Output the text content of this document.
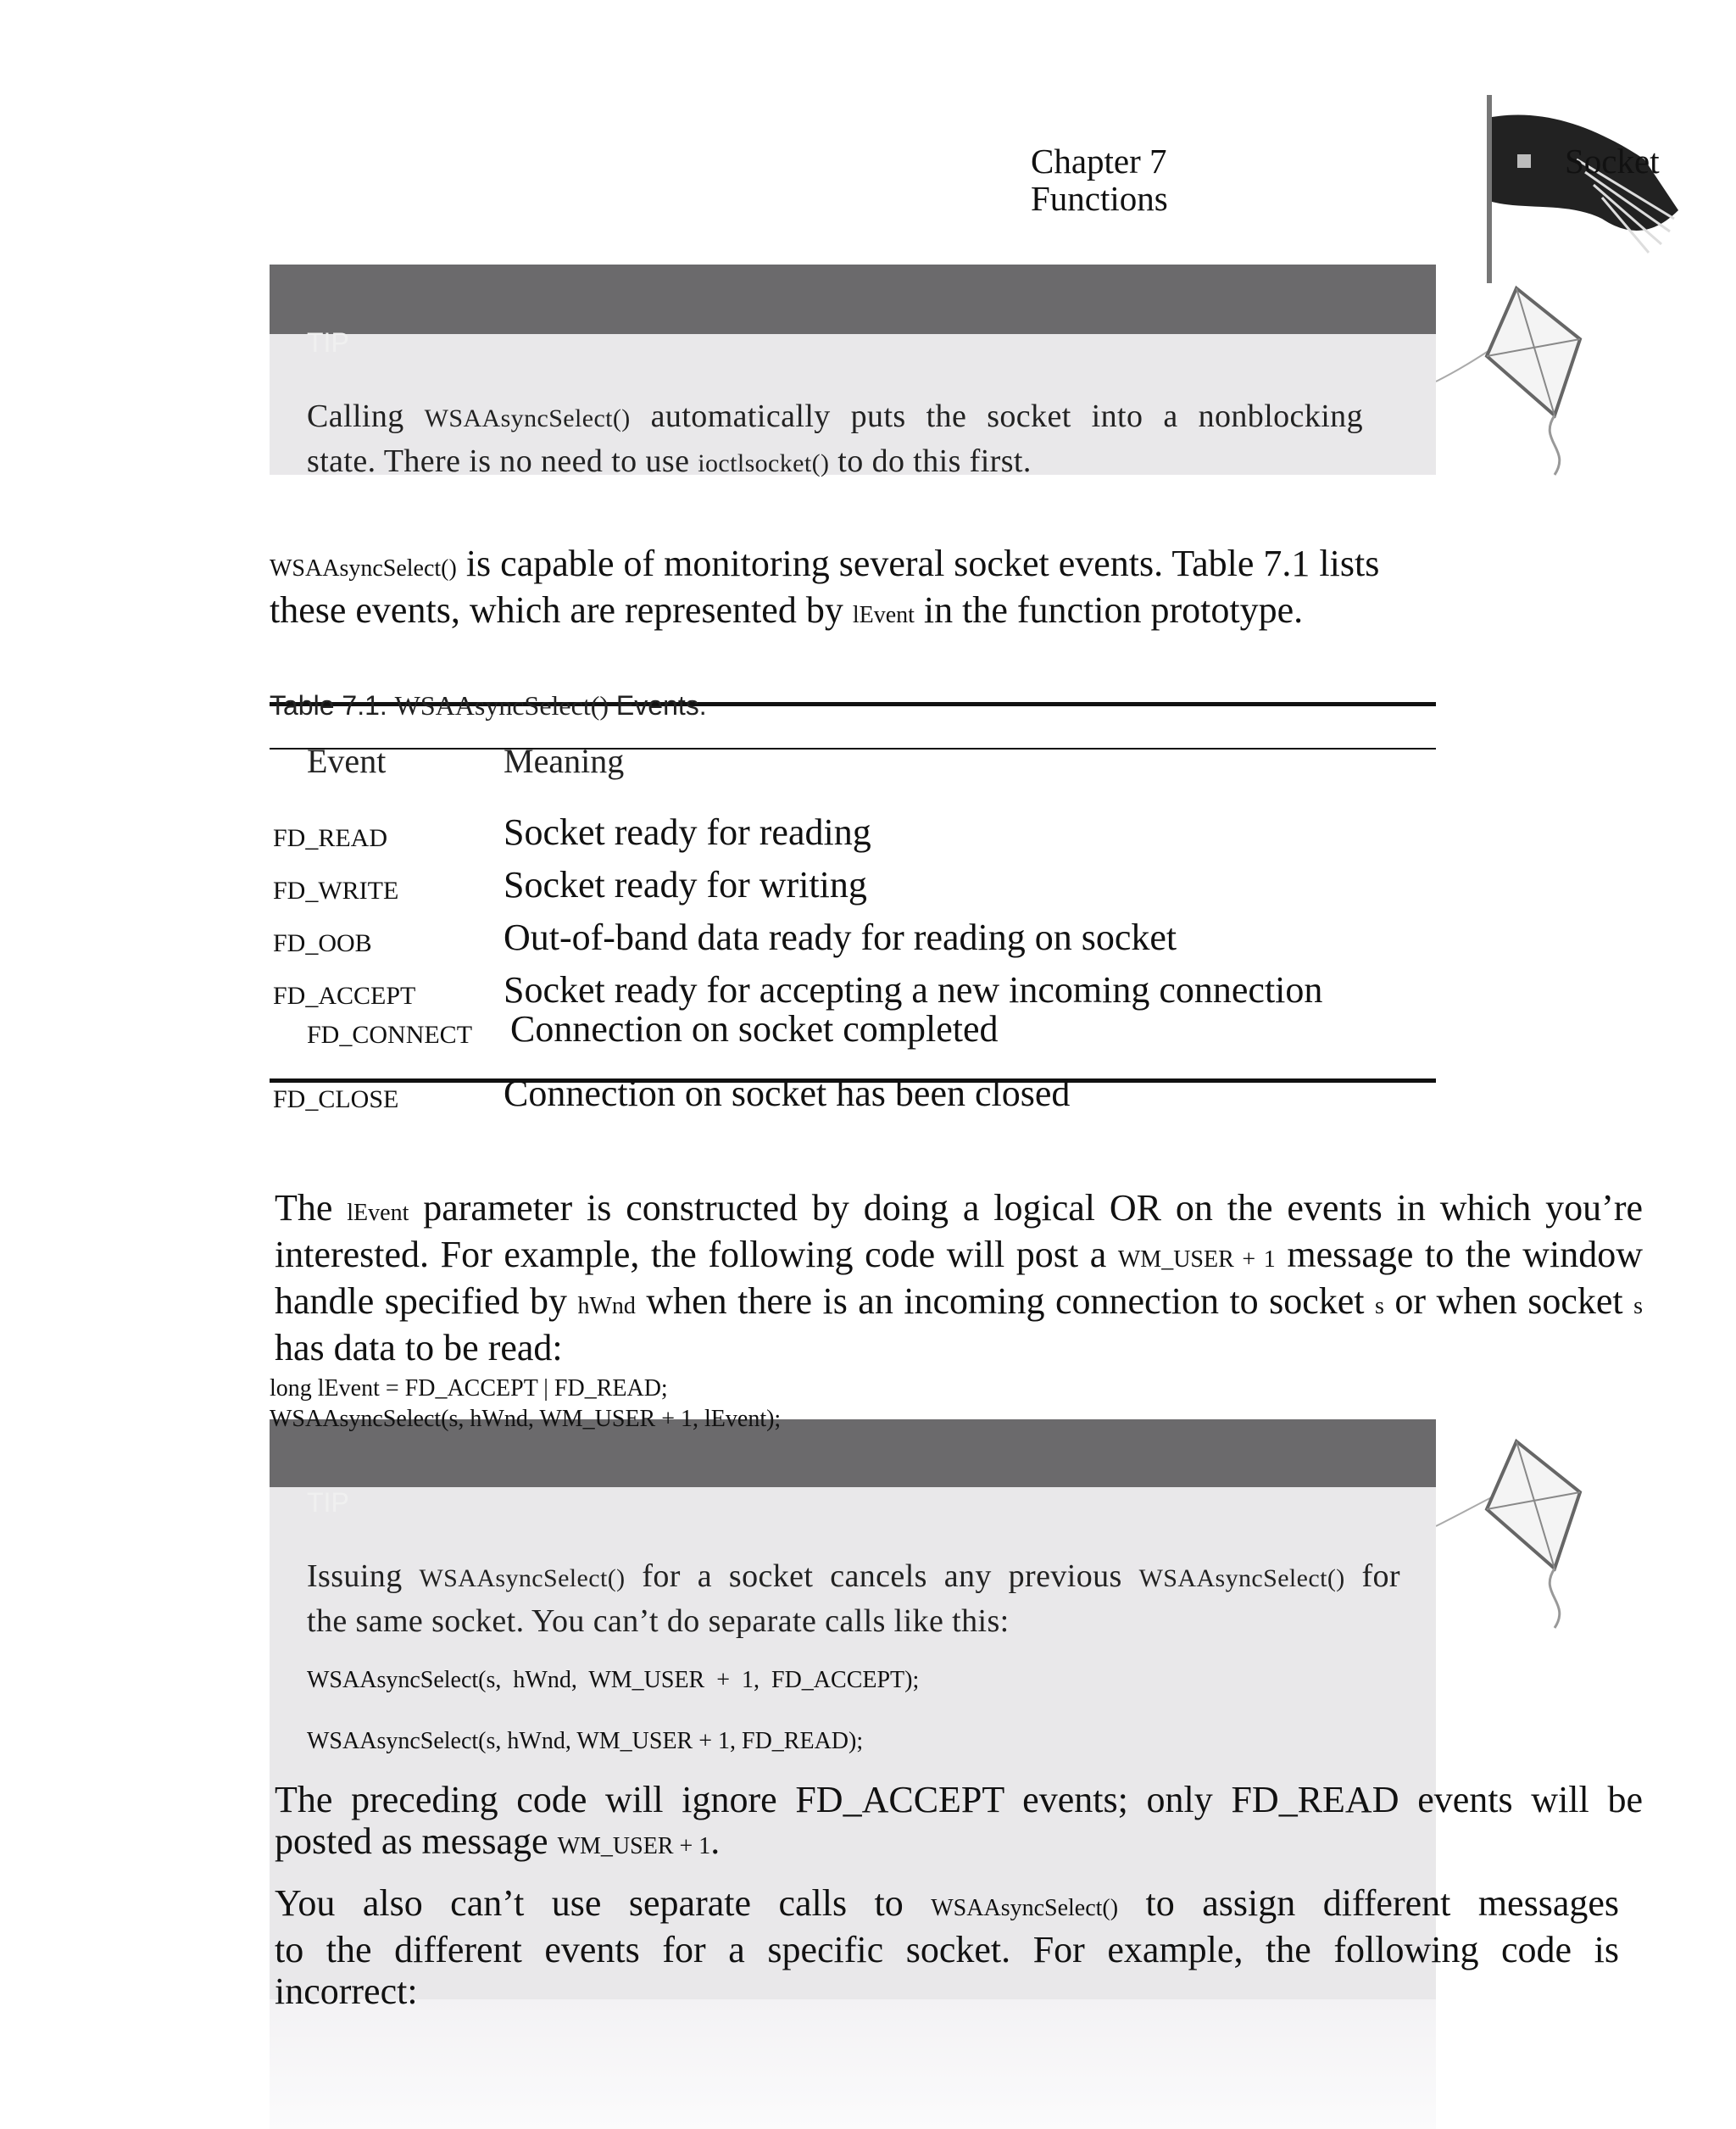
Chapter 7
Functions
Socket
TIP
Calling WSAAsyncSelect() automatically puts the socket into a nonblocking
state. There is no need to use ioctlsocket() to do this first.
WSAAsyncSelect() is capable of monitoring several socket events. Table 7.1 lists
these events, which are represented by lEvent in the function prototype.
Table 7.1. WSAAsyncSelect() Events.
Event	Meaning
FD_READ	Socket ready for reading
FD_WRITE	Socket ready for writing
FD_OOB	Out-of-band data ready for reading on socket
FD_ACCEPT Socket ready for accepting a new incoming connection
FD_CONNECT Connection on socket completed
FD_CLOSE	Connection on socket has been closed
The lEvent parameter is constructed by doing a logical OR on the events in which you’re
interested. For example, the following code will post a WM_USER + 1 message to the window
handle specified by hWnd when there is an incoming connection to socket s or when socket s
has data to be read:
long lEvent = FD_ACCEPT | FD_READ;
WSAAsyncSelect(s, hWnd, WM_USER + 1, lEvent);
TIP
Issuing WSAAsyncSelect() for a socket cancels any previous WSAAsyncSelect() for
the same socket. You can’t do separate calls like this:
WSAAsyncSelect(s,  hWnd,  WM_USER  +  1,  FD_ACCEPT);
WSAAsyncSelect(s, hWnd, WM_USER + 1, FD_READ);
The preceding code will ignore FD_ACCEPT events; only FD_READ events will be
posted as message WM_USER + 1.
You also can’t use separate calls to WSAAsyncSelect() to assign different messages
to the different events for a specific socket. For example, the following code is
incorrect:
